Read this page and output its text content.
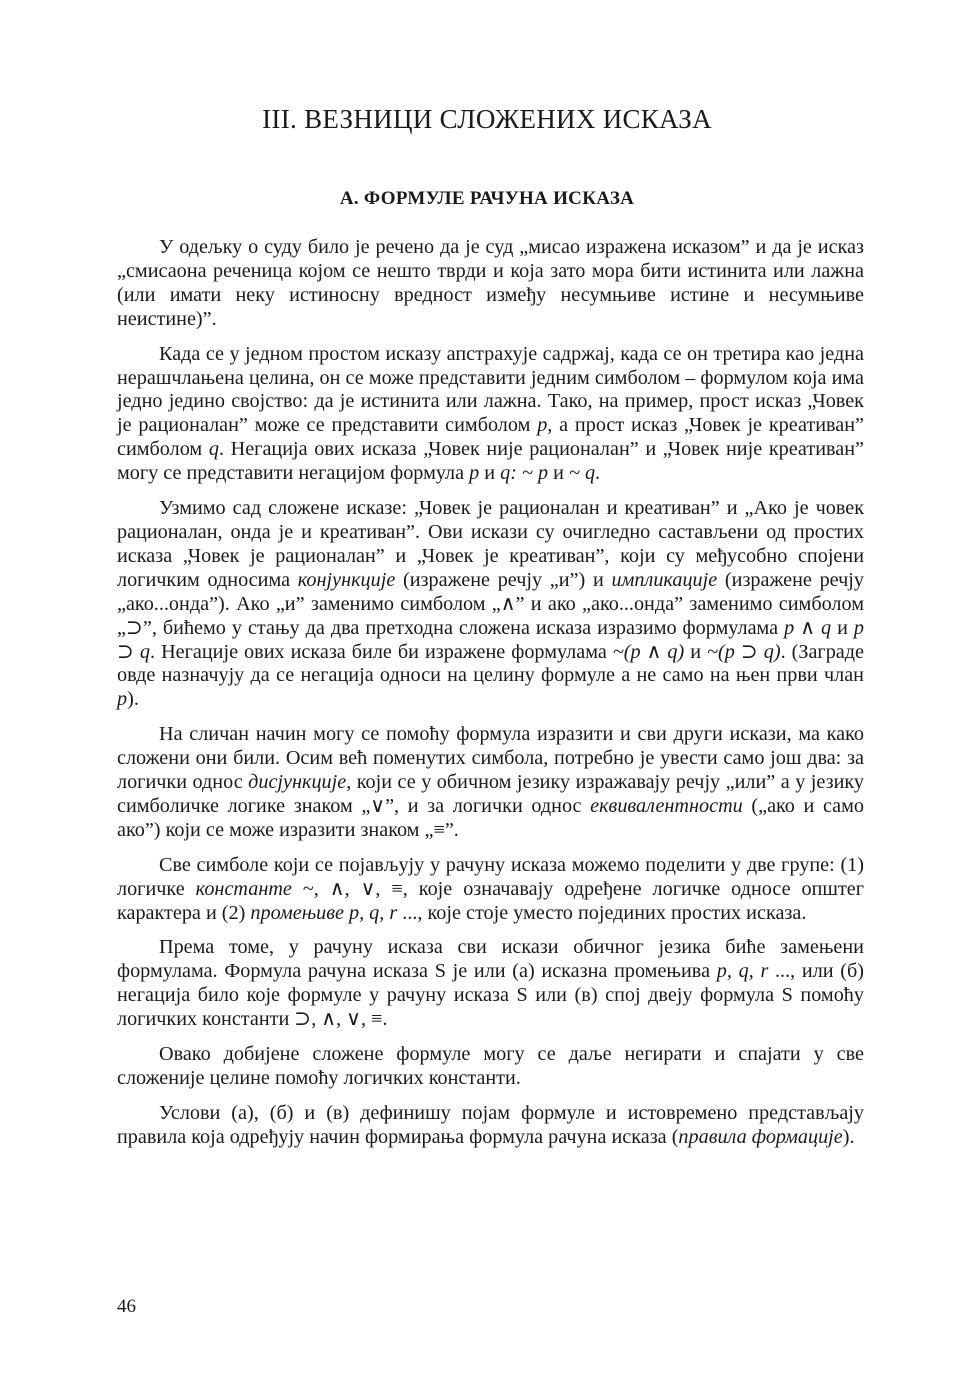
III. ВЕЗНИЦИ СЛОЖЕНИХ ИСКАЗА
А. ФОРМУЛЕ РАЧУНА ИСКАЗА

У одељку о суду било је речено да је суд „мисао изражена исказом” и да је исказ „смисаона реченица којом се нешто тврди и која зато мора бити истинита или лажна (или имати неку истиносну вредност између несумњиве истине и несумњиве неистине)”.

Када се у једном простом исказу апстрахује садржај, када се он третира као једна нерашчлањена целина, он се може представити једним симболом – формулом која има једно једино својство: да је истинита или лажна. Тако, на пример, прост исказ „Човек је рационалан” може се представити симболом p, а прост исказ „Човек је креативан” симболом q. Негација ових исказа „Човек није рационалан” и „Човек није креативан” могу се представити негацијом формула p и q: ~ p и ~ q.

Узмимо сад сложене исказе: „Човек је рационалан и креативан” и „Ако је човек рационалан, онда је и креативан”. Ови искази су очигледно састављени од простих исказа „Човек је рационалан” и „Човек је креативан”, који су међусобно спојени логичким односима конјункције (изражене речју „и”) и импликације (изражене речју „ако...онда”). Ако „и” заменимо симболом „∧” и ако „ако...онда” заменимо симболом „⊃”, бићемо у стању да два претходна сложена исказа изразимо формулама p ∧ q и p ⊃ q. Негације ових исказа биле би изражене формулама ~(p ∧ q) и ~(p ⊃ q). (Заграде овде назначују да се негација односи на целину формуле а не само на њен први члан p).

На сличан начин могу се помоћу формула изразити и сви други искази, ма како сложени они били. Осим већ поменутих симбола, потребно је увести само још два: за логички однос дисјункције, који се у обичном језику изражавају речју „или” а у језику симболичке логике знаком „∨”, и за логички однос еквивалентности („ако и само ако”) који се може изразити знаком „≡”.

Све симболе који се појављују у рачуну исказа можемо поделити у две групе: (1) логичке константе ~, ∧, ∨, ≡, које означавају одређене логичке односе општег карактера и (2) промењиве p, q, r ..., које стоје уместо појединих простих исказа.

Према томе, у рачуну исказа сви искази обичног језика биће замењени формулама. Формула рачуна исказа S је или (а) исказна промењива p, q, r ..., или (б) негација било које формуле у рачуну исказа S или (в) спој двеју формула S помоћу логичких константи ⊃, ∧, ∨, ≡.

Овако добијене сложене формуле могу се даље негирати и спајати у све сложеније целине помоћу логичких константи.

Услови (а), (б) и (в) дефинишу појам формуле и истовремено представљају правила која одређују начин формирања формула рачуна исказа (правила формације).

46
